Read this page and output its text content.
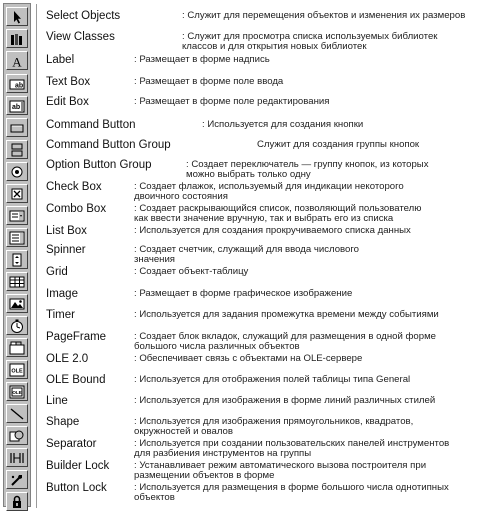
A
ab
ab
OLE
OLE
Select Objects	: Служит для перемещения объектов и изменения их размеров
View Classes	: Служит для просмотра списка используемых библиотек
классов и для открытия новых библиотек
Label	: Размещает в форме надпись
Text Box	: Размещает в форме поле ввода
Edit Box	: Размещает в форме поле редактирования
Command Button	: Используется для создания кнопки
Command Button Group	Служит для создания группы кнопок
Option Button Group	: Создает переключатель — группу кнопок, из которых
можно выбрать только одну
Check Box	: Создает флажок, используемый для индикации некоторого
двоичного состояния
Combo Box	: Создает раскрывающийся список, позволяющий пользователю
как ввести значение вручную, так и выбрать его из списка
List Box	: Используется для создания прокручиваемого списка данных
Spinner	: Создает счетчик, служащий для ввода числового
значения
Grid	: Создает объект-таблицу
Image	: Размещает в форме графическое изображение
Timer	: Используется для задания промежутка времени между событиями
PageFrame	: Создает блок вкладок, служащий для размещения в одной форме
большого числа различных объектов
OLE 2.0	: Обеспечивает связь с объектами на OLE-сервере
OLE Bound	: Используется для отображения полей таблицы типа General
Line	: Используется для изображения в форме линий различных стилей
Shape	: Используется для изображения прямоугольников, квадратов,
окружностей и овалов
Separator	: Используется при создании пользовательских панелей инструментов
для разбиения инструментов на группы
Builder Lock	: Устанавливает режим автоматического вызова построителя при
размещении объектов в форме
Button Lock	: Используется для размещения в форме большого числа однотипных
объектов
